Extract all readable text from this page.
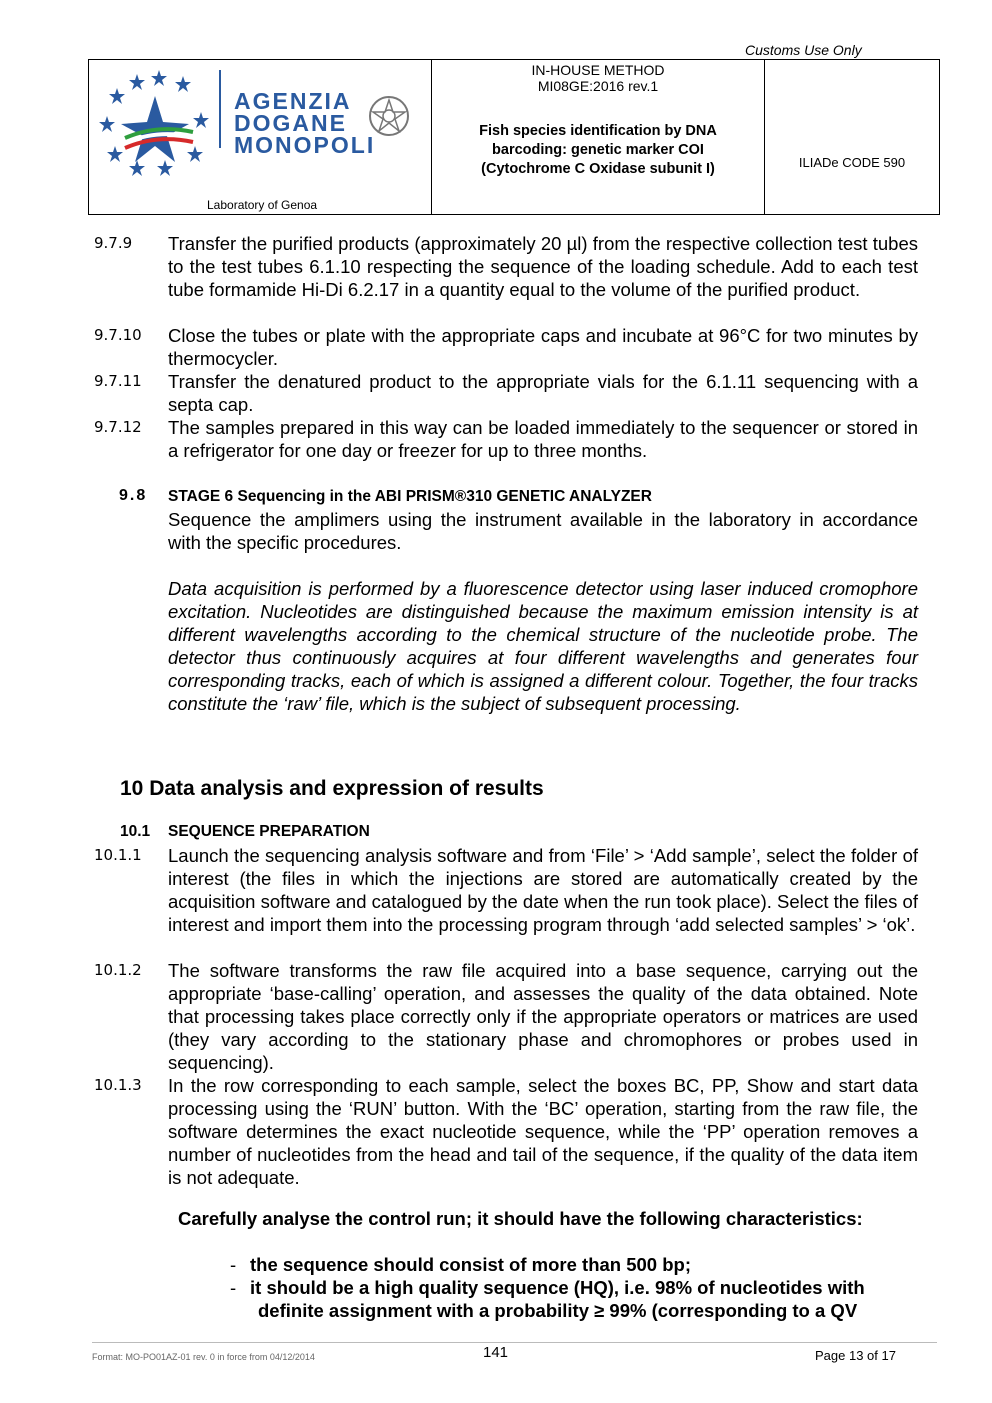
Customs Use Only
AGENZIA
DOGANE
MONOPOLI
Laboratory of Genoa

IN-HOUSE METHOD
MI08GE:2016 rev.1
Fish species identification by DNA
barcoding: genetic marker COI
(Cytochrome C Oxidase subunit I)	ILIADe CODE 590
9.7.9 Transfer the purified products (approximately 20 µl) from the respective collection test tubes to the test tubes 6.1.10 respecting the sequence of the loading schedule. Add to each test tube formamide Hi-Di 6.2.17 in a quantity equal to the volume of the purified product.
9.7.10 Close the tubes or plate with the appropriate caps and incubate at 96°C for two minutes by thermocycler.
9.7.11 Transfer the denatured product to the appropriate vials for the 6.1.11 sequencing with a septa cap.
9.7.12 The samples prepared in this way can be loaded immediately to the sequencer or stored in a refrigerator for one day or freezer for up to three months.
9.8 STAGE 6 Sequencing in the ABI PRISM®310 GENETIC ANALYZER
Sequence the amplimers using the instrument available in the laboratory in accordance with the specific procedures.
Data acquisition is performed by a fluorescence detector using laser induced cromophore excitation. Nucleotides are distinguished because the maximum emission intensity is at different wavelengths according to the chemical structure of the nucleotide probe. The detector thus continuously acquires at four different wavelengths and generates four corresponding tracks, each of which is assigned a different colour. Together, the four tracks constitute the ‘raw’ file, which is the subject of subsequent processing.
10 Data analysis and expression of results
10.1 SEQUENCE PREPARATION
10.1.1 Launch the sequencing analysis software and from ‘File’ > ‘Add sample’, select the folder of interest (the files in which the injections are stored are automatically created by the acquisition software and catalogued by the date when the run took place). Select the files of interest and import them into the processing program through ‘add selected samples’ > ‘ok’.
10.1.2 The software transforms the raw file acquired into a base sequence, carrying out the appropriate ‘base-calling’ operation, and assesses the quality of the data obtained. Note that processing takes place correctly only if the appropriate operators or matrices are used (they vary according to the stationary phase and chromophores or probes used in sequencing).
10.1.3 In the row corresponding to each sample, select the boxes BC, PP, Show and start data processing using the ‘RUN’ button. With the ‘BC’ operation, starting from the raw file, the software determines the exact nucleotide sequence, while the ‘PP’ operation removes a number of nucleotides from the head and tail of the sequence, if the quality of the data item is not adequate.
Carefully analyse the control run; it should have the following characteristics:
- the sequence should consist of more than 500 bp;
- it should be a high quality sequence (HQ), i.e. 98% of nucleotides with
definite assignment with a probability ≥ 99% (corresponding to a QV
Format: MO-PO01AZ-01 rev. 0 in force from 04/12/2014	141	Page 13 of 17
